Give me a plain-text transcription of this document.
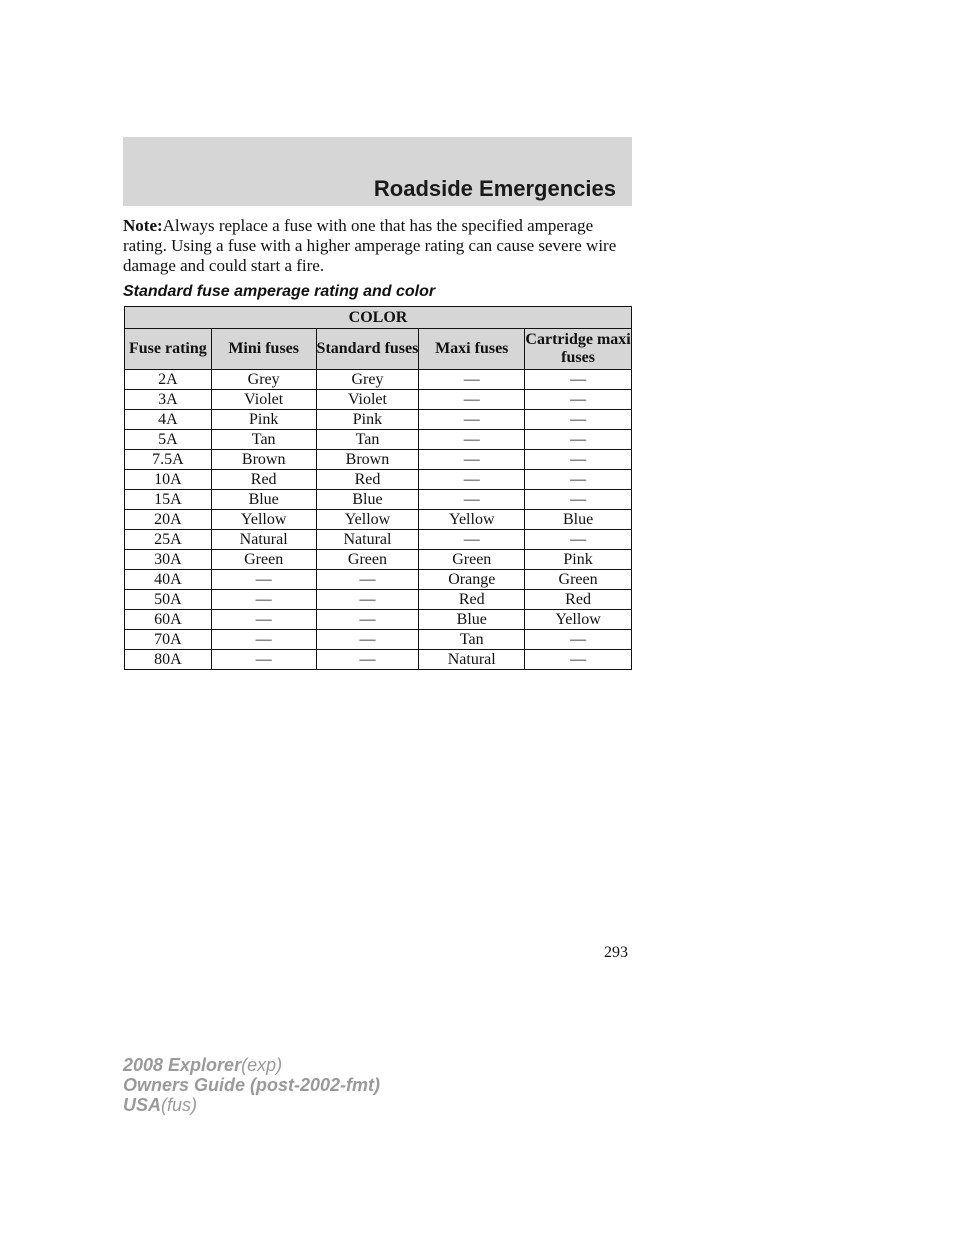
Roadside Emergencies
Note:Always replace a fuse with one that has the specified amperage rating. Using a fuse with a higher amperage rating can cause severe wire damage and could start a fire.
Standard fuse amperage rating and color
COLOR				
Fuse rating	Mini fuses	Standard fuses	Maxi fuses	Cartridge maxi fuses
2A	Grey	Grey	—	—
3A	Violet	Violet	—	—
4A	Pink	Pink	—	—
5A	Tan	Tan	—	—
7.5A	Brown	Brown	—	—
10A	Red	Red	—	—
15A	Blue	Blue	—	—
20A	Yellow	Yellow	Yellow	Blue
25A	Natural	Natural	—	—
30A	Green	Green	Green	Pink
40A	—	—	Orange	Green
50A	—	—	Red	Red
60A	—	—	Blue	Yellow
70A	—	—	Tan	—
80A	—	—	Natural	—
293
2008 Explorer(exp)
Owners Guide (post-2002-fmt)
USA(fus)
